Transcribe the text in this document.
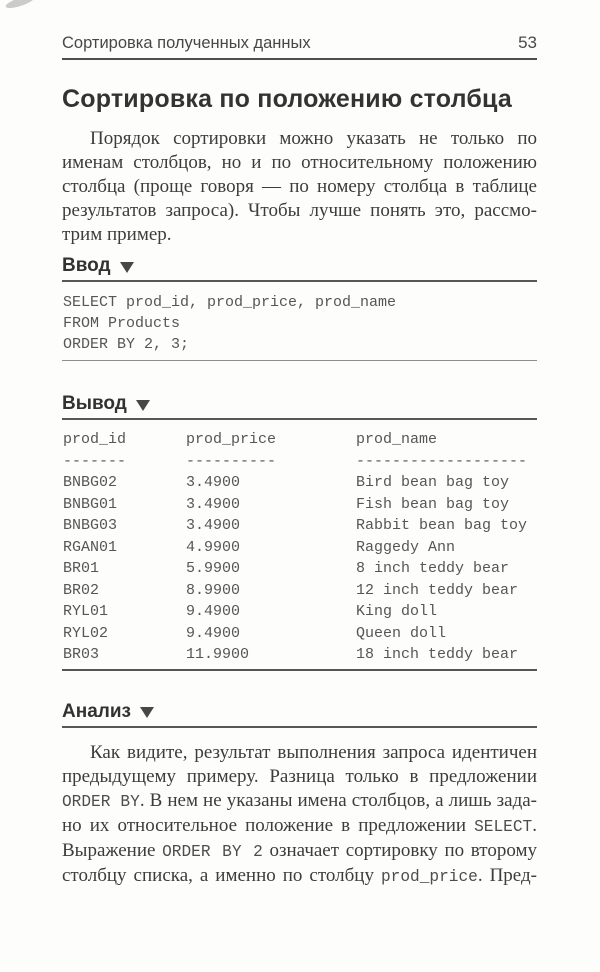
Сортировка полученных данных	53
Сортировка по положению столбца
Порядок сортировки можно указать не только по
именам столбцов, но и по относительному положению
столбца (проще говоря — по номеру столбца в таблице
результатов запроса). Чтобы лучше понять это, рассмо-
трим пример.
Ввод
SELECT prod_id, prod_price, prod_name
FROM Products
ORDER BY 2, 3;
Вывод
prod_id	prod_price	prod_name
-------	----------	-------------------
BNBG02	3.4900	Bird bean bag toy
BNBG01	3.4900	Fish bean bag toy
BNBG03	3.4900	Rabbit bean bag toy
RGAN01	4.9900	Raggedy Ann
BR01	5.9900	8 inch teddy bear
BR02	8.9900	12 inch teddy bear
RYL01	9.4900	King doll
RYL02	9.4900	Queen doll
BR03	11.9900	18 inch teddy bear
Анализ
Как видите, результат выполнения запроса идентичен
предыдущему примеру. Разница только в предложении
ORDER BY. В нем не указаны имена столбцов, а лишь зада-
но их относительное положение в предложении SELECT.
Выражение ORDER BY 2 означает сортировку по второму
столбцу списка, а именно по столбцу prod_price. Пред-
